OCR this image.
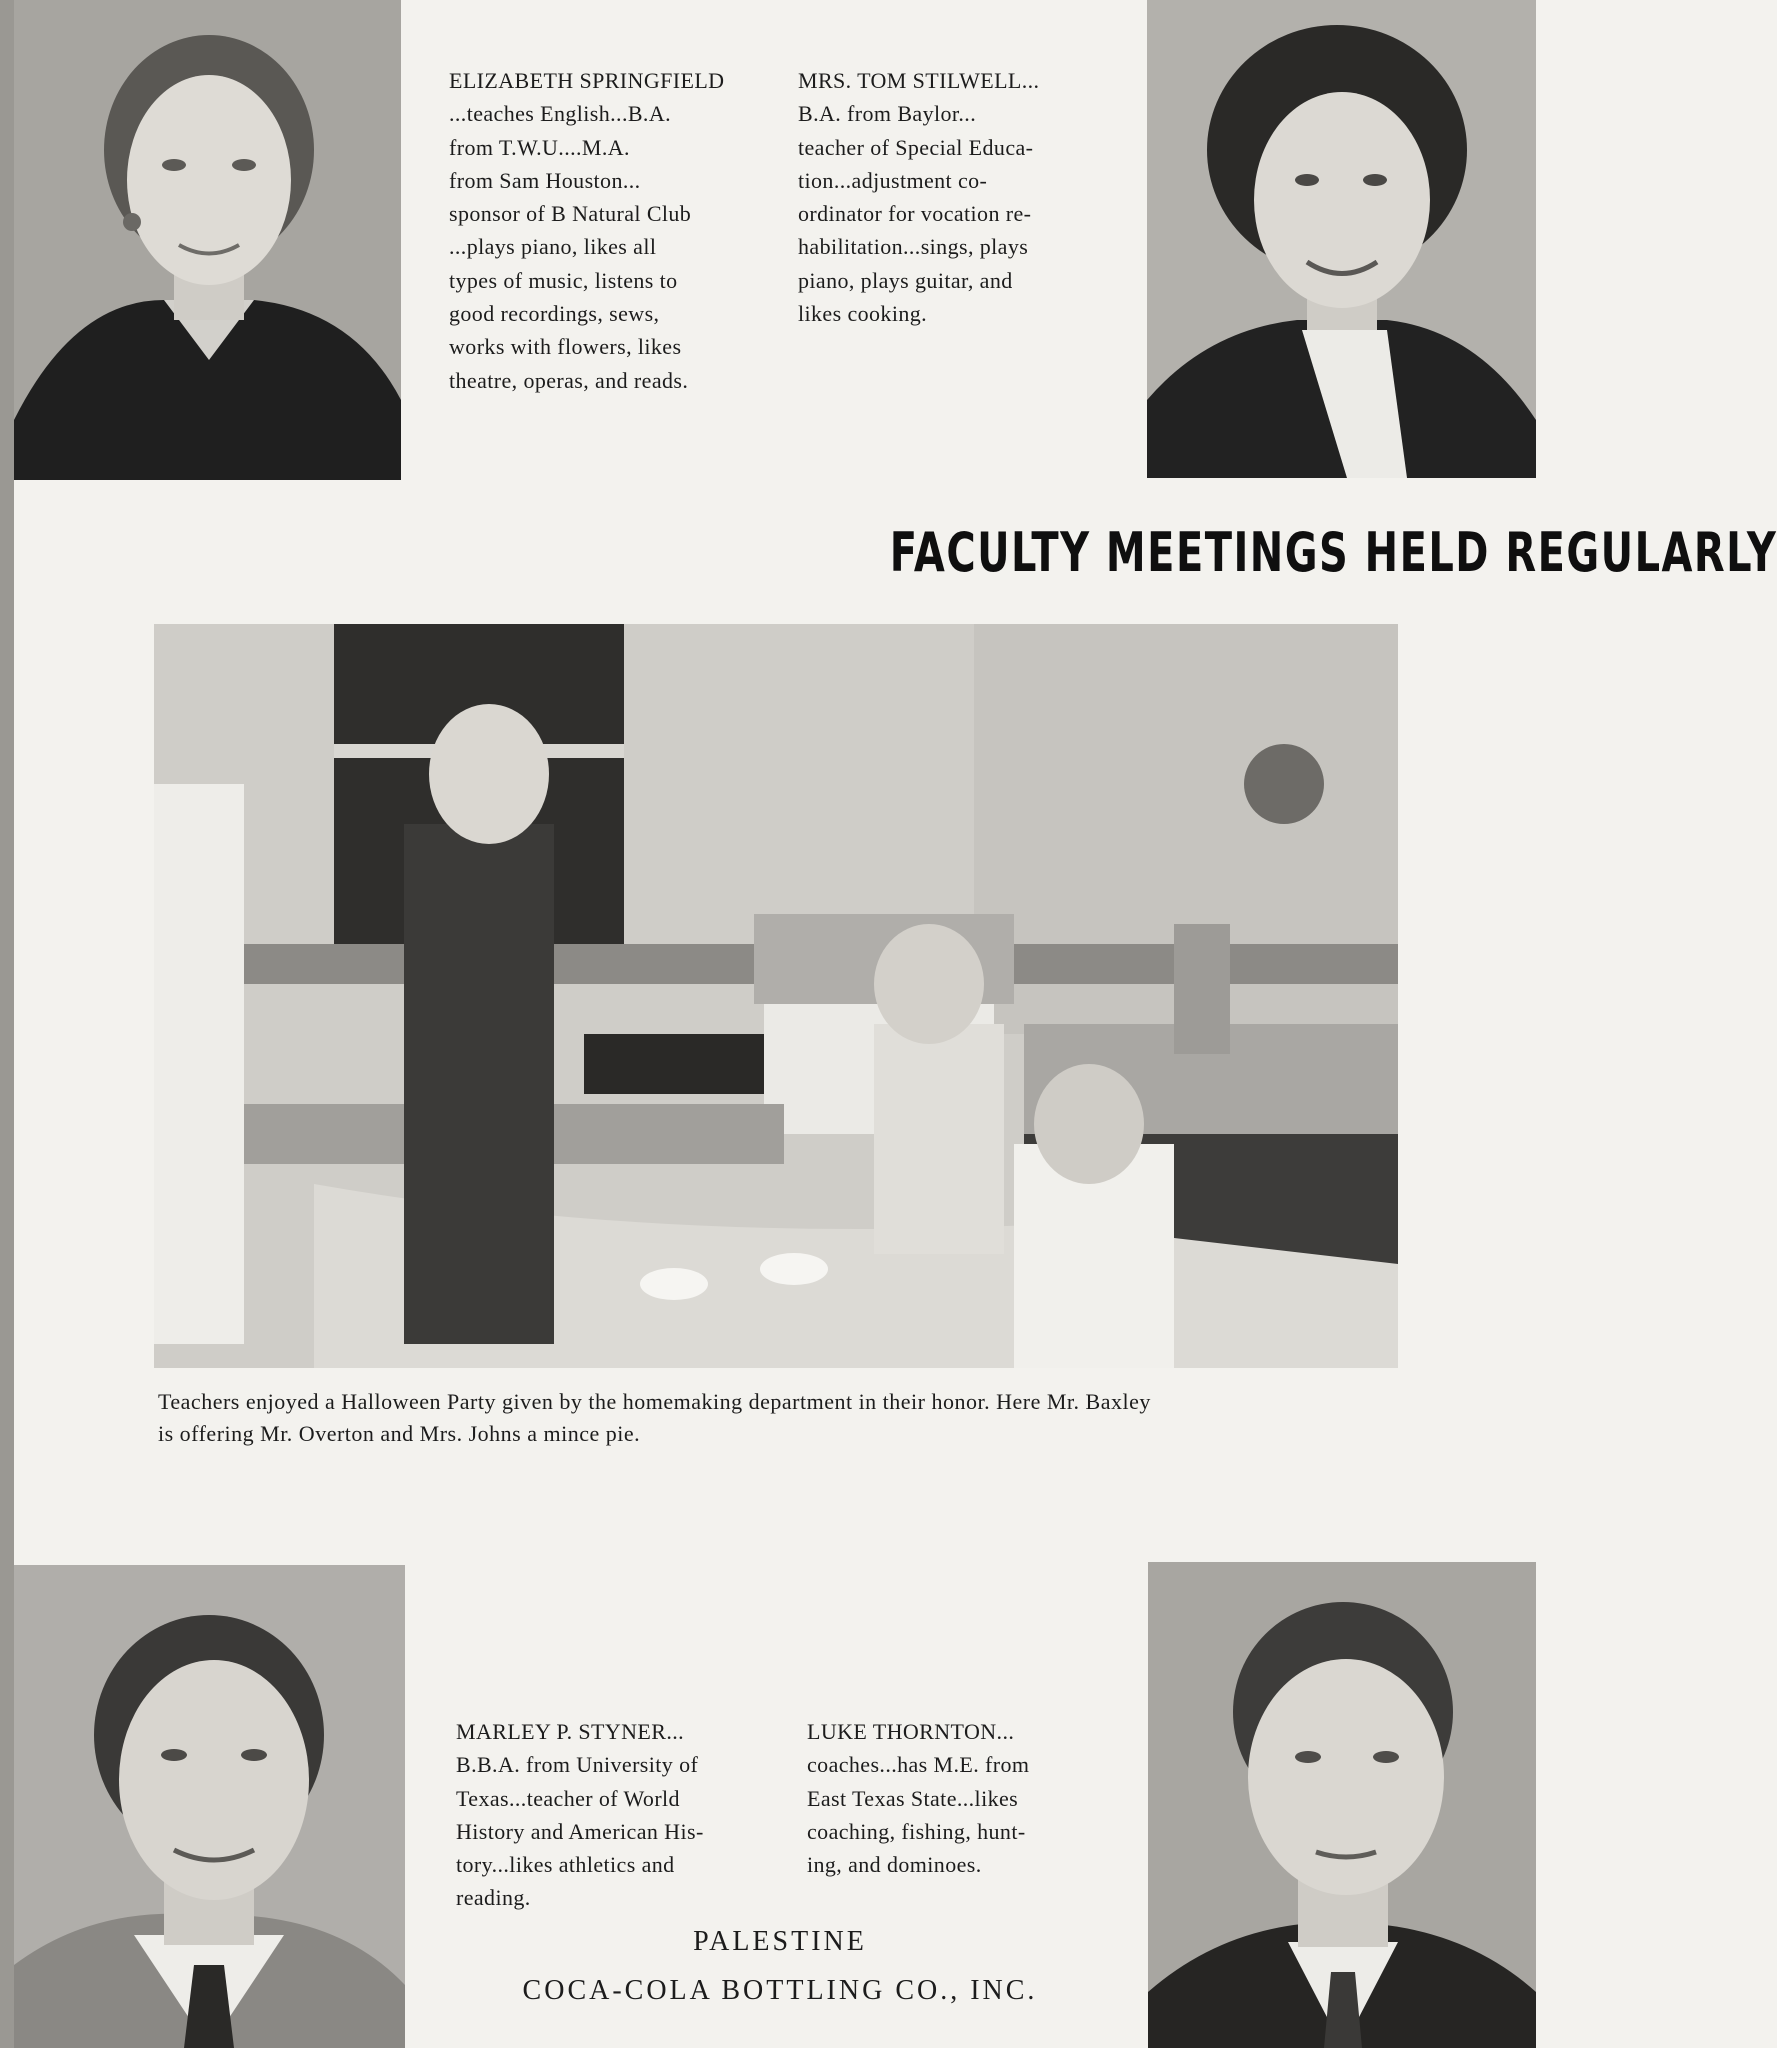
ELIZABETH SPRINGFIELD
...teaches English...B.A.
from T.W.U....M.A.
from Sam Houston...
sponsor of B Natural Club
...plays piano, likes all
types of music, listens to
good recordings, sews,
works with flowers, likes
theatre, operas, and reads.
MRS. TOM STILWELL...
B.A. from Baylor...
teacher of Special Educa-
tion...adjustment co-
ordinator for vocation re-
habilitation...sings, plays
piano, plays guitar, and
likes cooking.
FACULTY MEETINGS HELD REGULARLY
Teachers enjoyed a Halloween Party given by the homemaking department in their honor. Here Mr. Baxley
is offering Mr. Overton and Mrs. Johns a mince pie.
MARLEY P. STYNER...
B.B.A. from University of
Texas...teacher of World
History and American His-
tory...likes athletics and
reading.
LUKE THORNTON...
coaches...has M.E. from
East Texas State...likes
coaching, fishing, hunt-
ing, and dominoes.
PALESTINE
COCA-COLA BOTTLING CO., INC.
